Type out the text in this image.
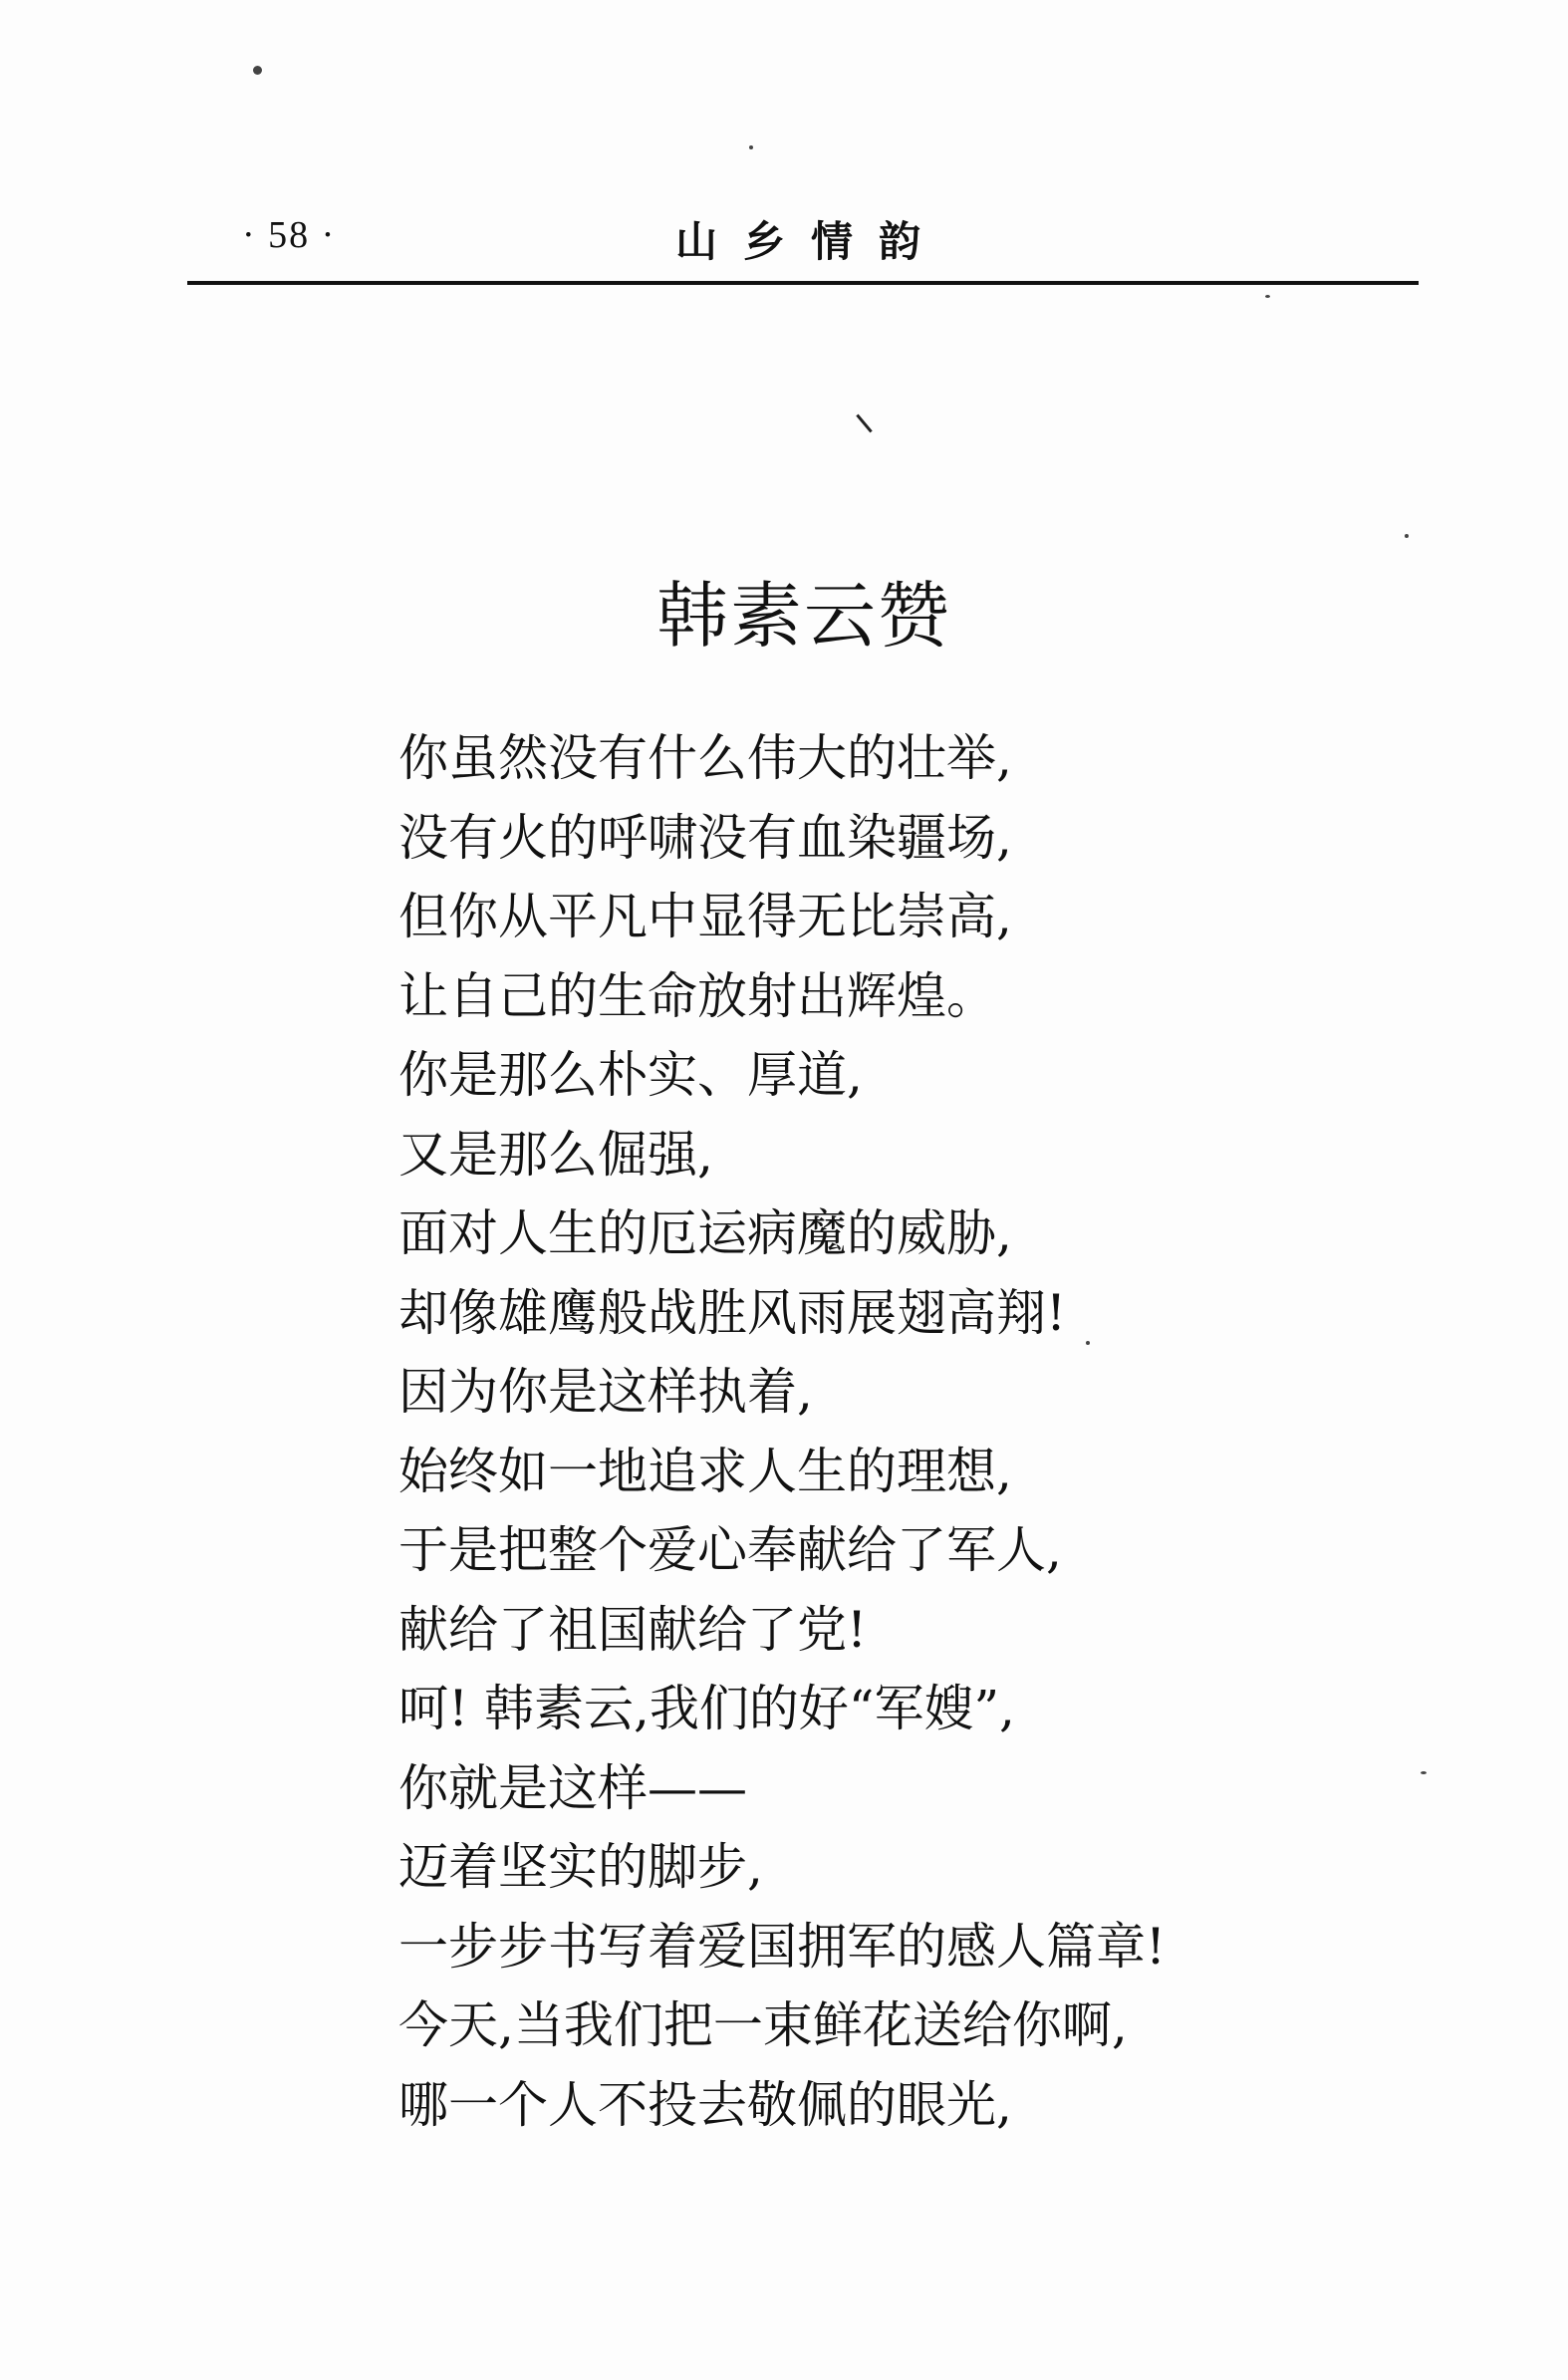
· 58 ·	山乡情韵
韩素云赞
你虽然没有什么伟大的壮举,
没有火的呼啸没有血染疆场,
但你从平凡中显得无比崇高,
让自己的生命放射出辉煌。
你是那么朴实、厚道,
又是那么倔强,
面对人生的厄运病魔的威胁,
却像雄鹰般战胜风雨展翅高翔!
因为你是这样执着,
始终如一地追求人生的理想,
于是把整个爱心奉献给了军人,
献给了祖国献给了党!
呵! 韩素云,我们的好“军嫂”,
你就是这样——
迈着坚实的脚步,
一步步书写着爱国拥军的感人篇章!
今天,当我们把一束鲜花送给你啊,
哪一个人不投去敬佩的眼光,
